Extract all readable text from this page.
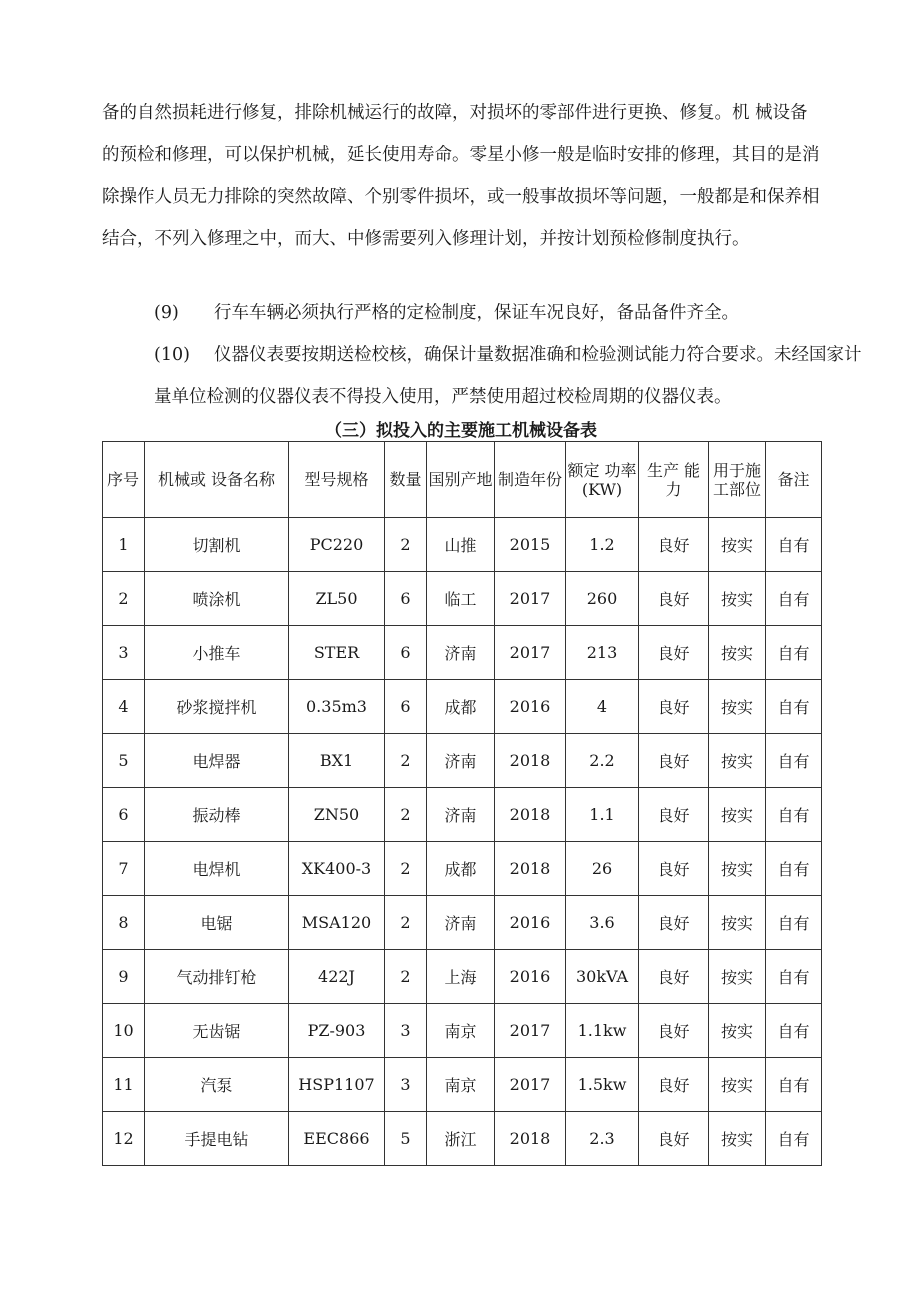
备的自然损耗进行修复，排除机械运行的故障，对损坏的零部件进行更换、修复。机 械设备的预检和修理，可以保护机械，延长使用寿命。零星小修一般是临时安排的修理，其目的是消除操作人员无力排除的突然故障、个别零件损坏，或一般事故损坏等问题，一般都是和保养相结合，不列入修理之中，而大、中修需要列入修理计划，并按计划预检修制度执行。

(9) 行车车辆必须执行严格的定检制度，保证车况良好，备品备件齐全。

(10) 仪器仪表要按期送检校核，确保计量数据准确和检验测试能力符合要求。未经国家计量单位检测的仪器仪表不得投入使用，严禁使用超过校检周期的仪器仪表。

（三）拟投入的主要施工机械设备表
序号	机械或 设备名称	型号规格	数量	国别产地	制造年份	额定 功率 (KW)	生产 能力	用于施工部位	备注
1	切割机	PC220	2	山推	2015	1.2	良好	按实	自有
2	喷涂机	ZL50	6	临工	2017	260	良好	按实	自有
3	小推车	STER	6	济南	2017	213	良好	按实	自有
4	砂浆搅拌机	0.35m3	6	成都	2016	4	良好	按实	自有
5	电焊器	BX1	2	济南	2018	2.2	良好	按实	自有
6	振动棒	ZN50	2	济南	2018	1.1	良好	按实	自有
7	电焊机	XK400-3	2	成都	2018	26	良好	按实	自有
8	电锯	MSA120	2	济南	2016	3.6	良好	按实	自有
9	气动排钉枪	422J	2	上海	2016	30kVA	良好	按实	自有
10	无齿锯	PZ-903	3	南京	2017	1.1kw	良好	按实	自有
11	汽泵	HSP1107	3	南京	2017	1.5kw	良好	按实	自有
12	手提电钻	EEC866	5	浙江	2018	2.3	良好	按实	自有
